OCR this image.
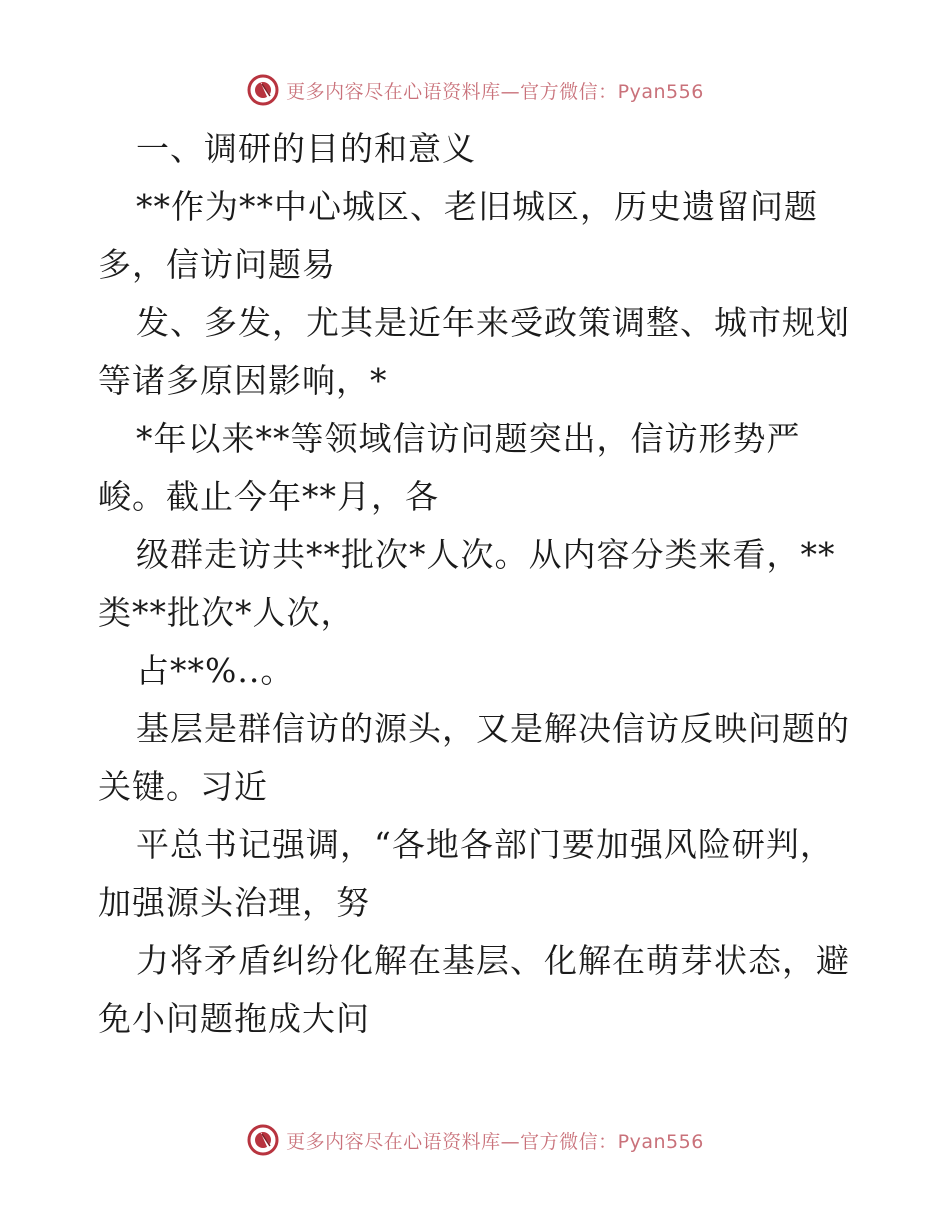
更多内容尽在心语资料库—官方微信：Pyan556
一、调研的目的和意义
**作为**中心城区、老旧城区，历史遗留问题
多，信访问题易
发、多发，尤其是近年来受政策调整、城市规划
等诸多原因影响，*
*年以来**等领域信访问题突出，信访形势严
峻。截止今年**月，各
级群走访共**批次*人次。从内容分类来看，**
类**批次*人次，
占**%..。
基层是群信访的源头，又是解决信访反映问题的
关键。习近
平总书记强调，“各地各部门要加强风险研判，
加强源头治理，努
力将矛盾纠纷化解在基层、化解在萌芽状态，避
免小问题拖成大问
更多内容尽在心语资料库—官方微信：Pyan556
